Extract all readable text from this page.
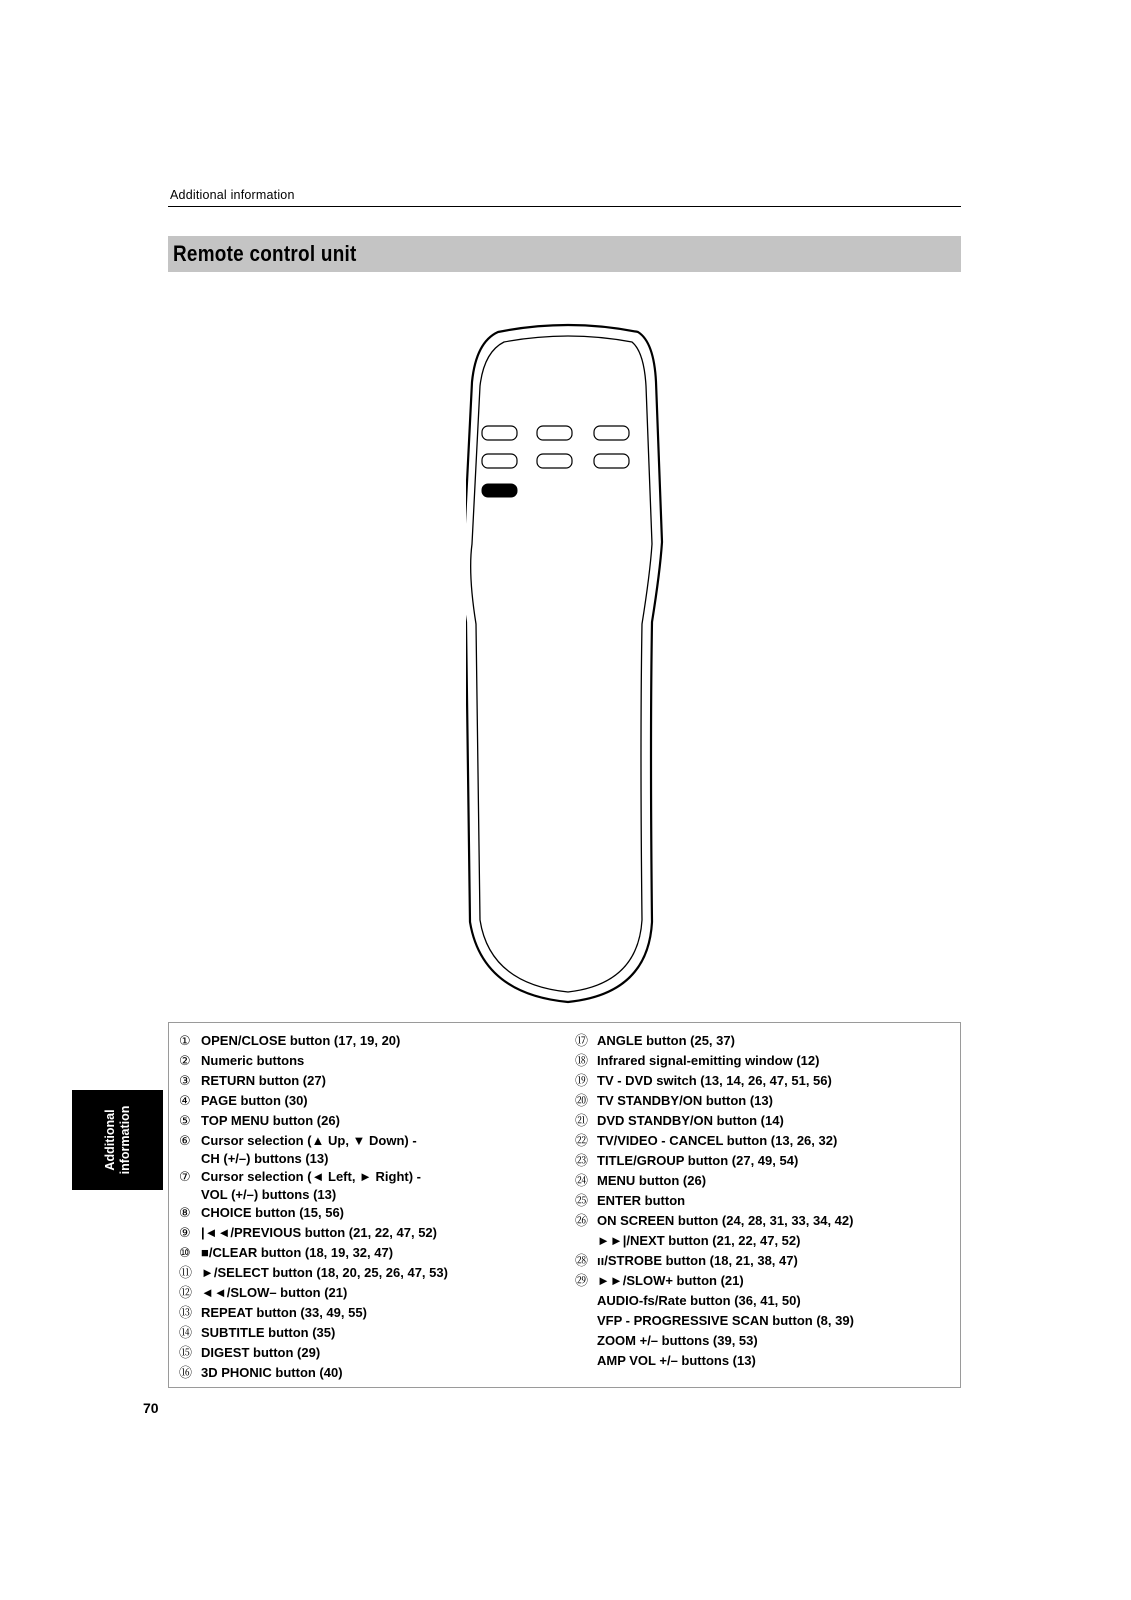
Additional information
Remote control unit
Additional information
① OPEN/CLOSE button (17, 19, 20)
② Numeric buttons
③ RETURN button (27)
④ PAGE button (30)
⑤ TOP MENU button (26)
⑥ Cursor selection (▲ Up, ▼ Down) -
CH (+/–) buttons (13)
⑦ Cursor selection (◄ Left, ► Right) -
VOL (+/–) buttons (13)
⑧ CHOICE button (15, 56)
⑨ |◄◄/PREVIOUS button (21, 22, 47, 52)
⑩ ■/CLEAR button (18, 19, 32, 47)
⑪ ►/SELECT button (18, 20, 25, 26, 47, 53)
⑫ ◄◄/SLOW– button (21)
⑬ REPEAT button (33, 49, 55)
⑭ SUBTITLE button (35)
⑮ DIGEST button (29)
⑯ 3D PHONIC button (40)
⑰ ANGLE button (25, 37)
⑱ Infrared signal-emitting window (12)
⑲ TV - DVD switch (13, 14, 26, 47, 51, 56)
⑳ TV STANDBY/ON button (13)
㉑ DVD STANDBY/ON button (14)
㉒ TV/VIDEO - CANCEL button (13, 26, 32)
㉓ TITLE/GROUP button (27, 49, 54)
㉔ MENU button (26)
㉕ ENTER button
㉖ ON SCREEN button (24, 28, 31, 33, 34, 42)
►►|/NEXT button (21, 22, 47, 52)
㉘ ıı/STROBE button (18, 21, 38, 47)
㉙ ►►/SLOW+ button (21)
AUDIO-fs/Rate button (36, 41, 50)
VFP - PROGRESSIVE SCAN button (8, 39)
ZOOM +/– buttons (39, 53)
AMP VOL +/– buttons (13)
70
